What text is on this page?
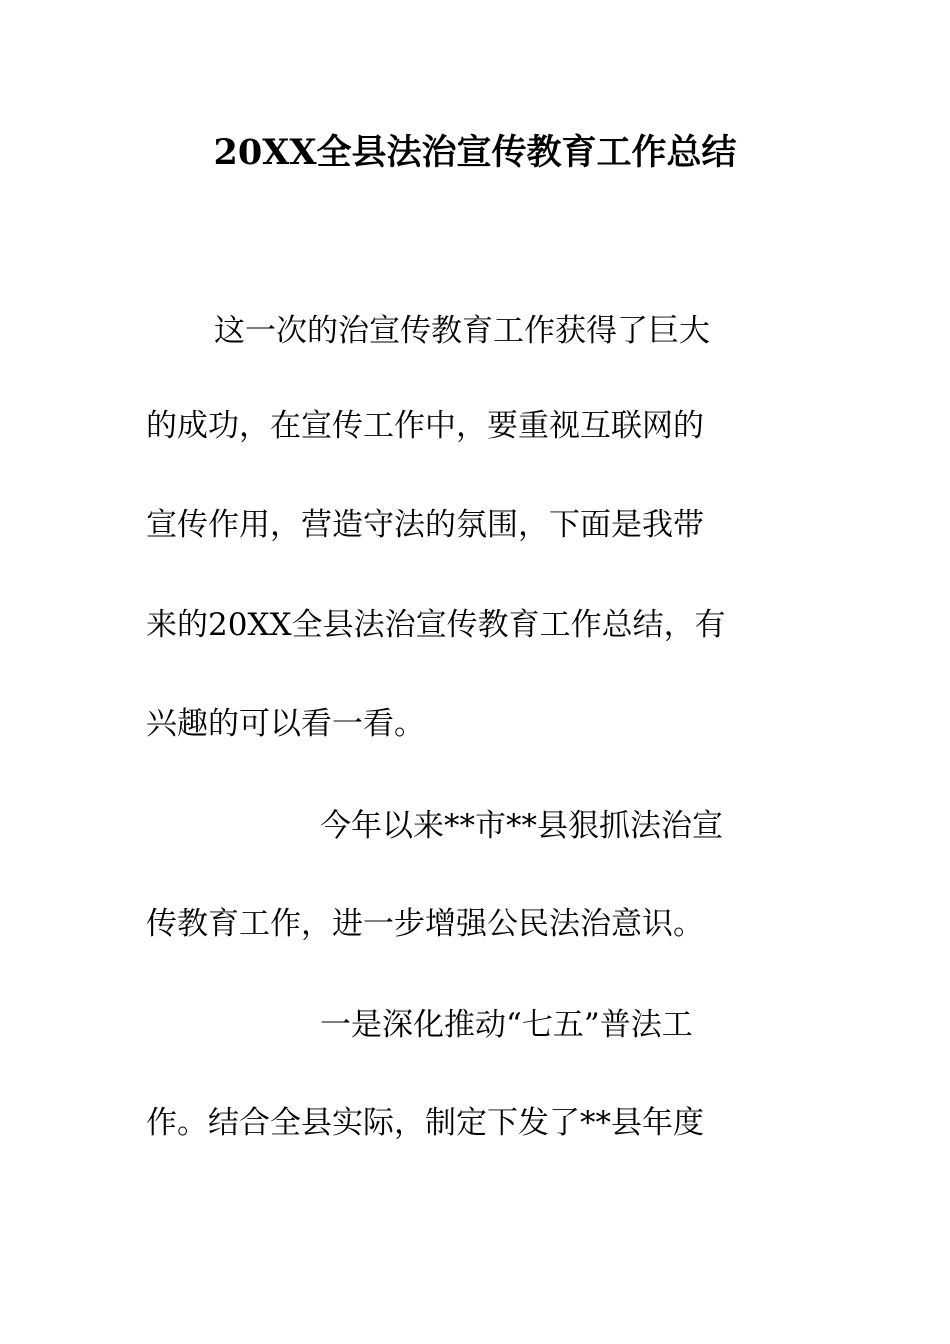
20XX全县法治宣传教育工作总结
这一次的治宣传教育工作获得了巨大
的成功，在宣传工作中，要重视互联网的
宣传作用，营造守法的氛围，下面是我带
来的20XX全县法治宣传教育工作总结，有
兴趣的可以看一看。
今年以来**市**县狠抓法治宣
传教育工作，进一步增强公民法治意识。
一是深化推动“七五”普法工
作。结合全县实际，制定下发了**县年度
